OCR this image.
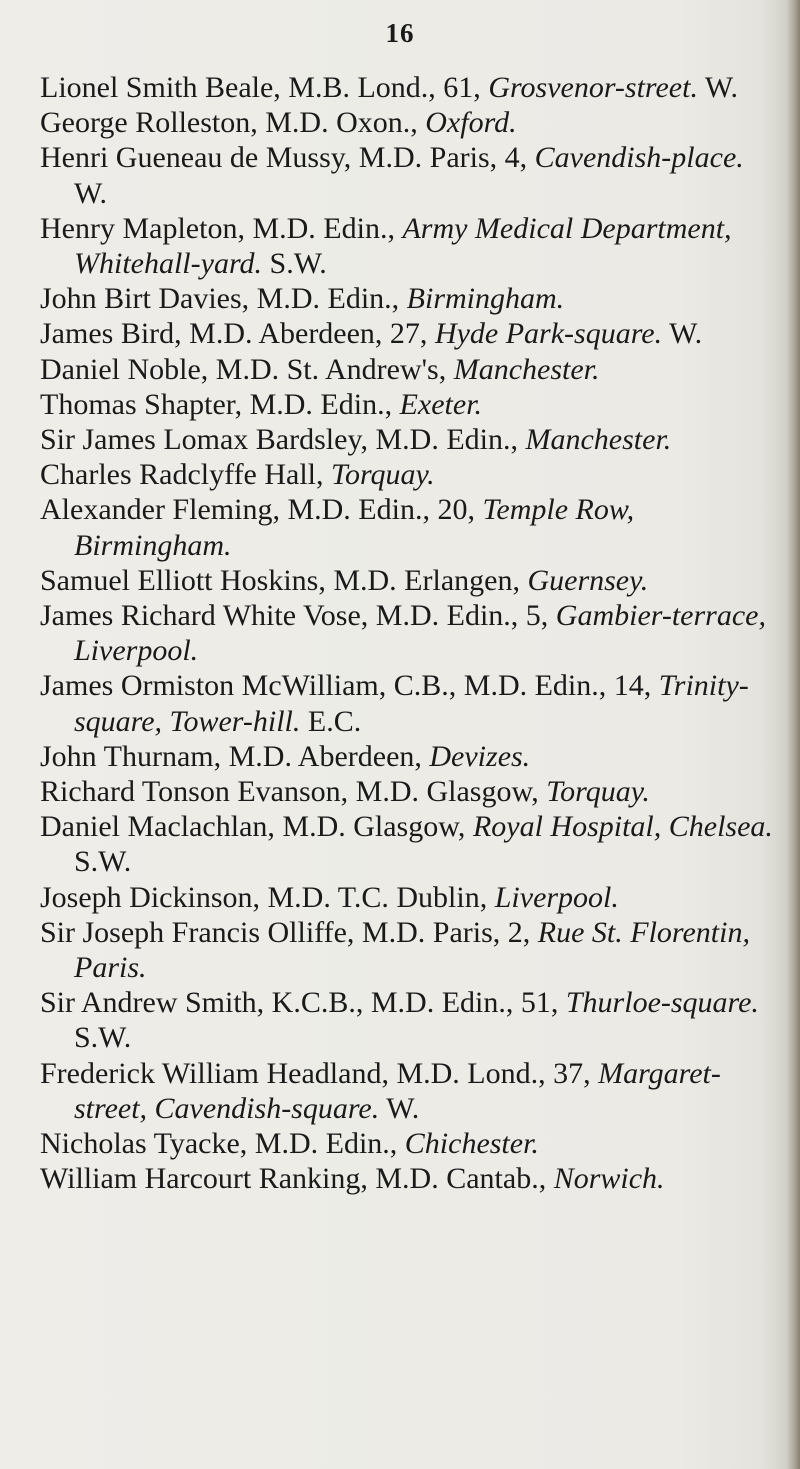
16

Lionel Smith Beale, M.B. Lond., 61, Grosvenor-street. W.

George Rolleston, M.D. Oxon., Oxford.

Henri Gueneau de Mussy, M.D. Paris, 4, Cavendish-place. W.

Henry Mapleton, M.D. Edin., Army Medical Department, Whitehall-yard. S.W.

John Birt Davies, M.D. Edin., Birmingham.

James Bird, M.D. Aberdeen, 27, Hyde Park-square. W.

Daniel Noble, M.D. St. Andrew's, Manchester.

Thomas Shapter, M.D. Edin., Exeter.

Sir James Lomax Bardsley, M.D. Edin., Manchester.

Charles Radclyffe Hall, Torquay.

Alexander Fleming, M.D. Edin., 20, Temple Row, Birmingham.

Samuel Elliott Hoskins, M.D. Erlangen, Guernsey.

James Richard White Vose, M.D. Edin., 5, Gambier-terrace, Liverpool.

James Ormiston McWilliam, C.B., M.D. Edin., 14, Trinity-square, Tower-hill. E.C.

John Thurnam, M.D. Aberdeen, Devizes.

Richard Tonson Evanson, M.D. Glasgow, Torquay.

Daniel Maclachlan, M.D. Glasgow, Royal Hospital, Chelsea. S.W.

Joseph Dickinson, M.D. T.C. Dublin, Liverpool.

Sir Joseph Francis Olliffe, M.D. Paris, 2, Rue St. Florentin, Paris.

Sir Andrew Smith, K.C.B., M.D. Edin., 51, Thurloe-square. S.W.

Frederick William Headland, M.D. Lond., 37, Margaret-street, Cavendish-square. W.

Nicholas Tyacke, M.D. Edin., Chichester.

William Harcourt Ranking, M.D. Cantab., Norwich.
